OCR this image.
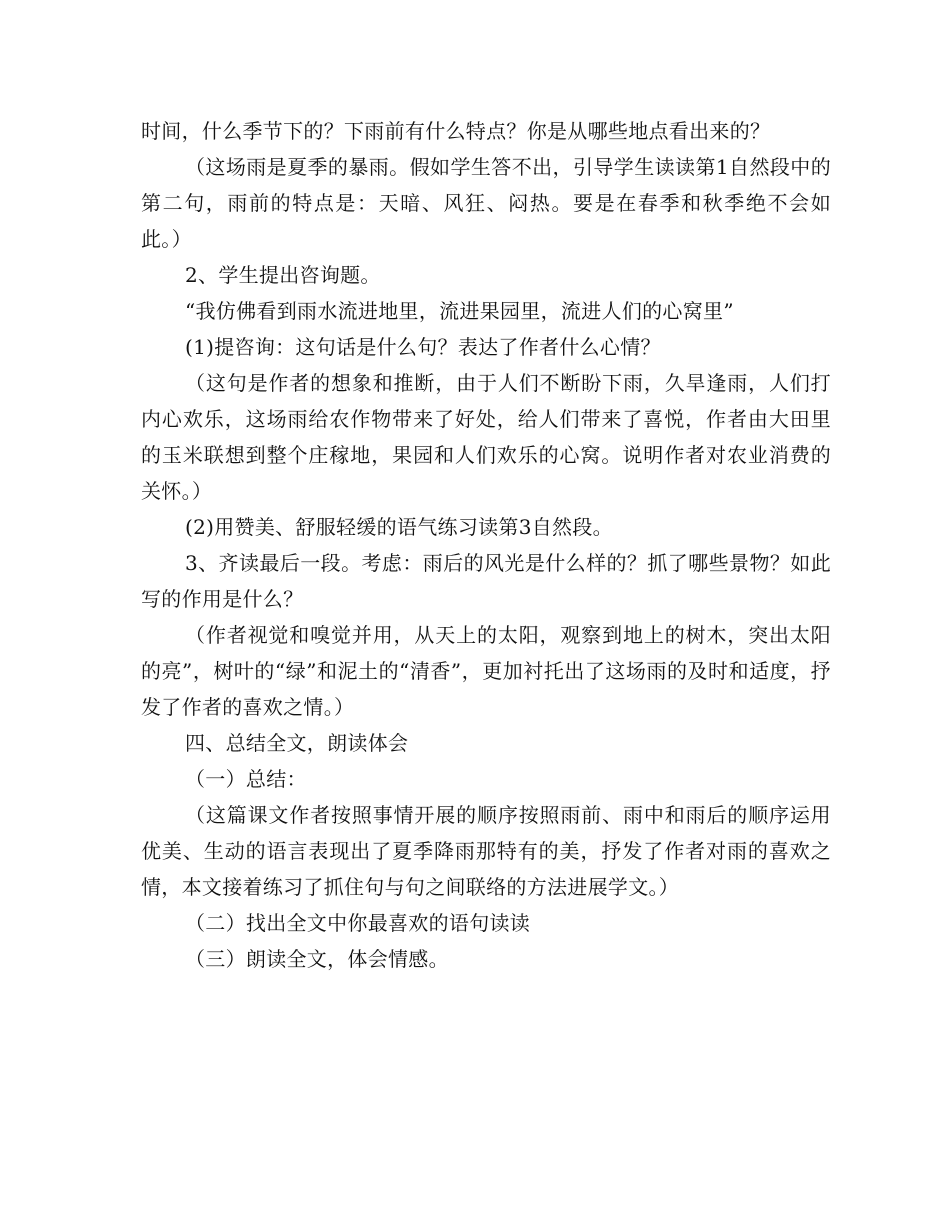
时间，什么季节下的？下雨前有什么特点？你是从哪些地点看出来的？

（这场雨是夏季的暴雨。假如学生答不出，引导学生读读第1自然段中的第二句，雨前的特点是：天暗、风狂、闷热。要是在春季和秋季绝不会如此。）

2、学生提出咨询题。

“我仿佛看到雨水流进地里，流进果园里，流进人们的心窝里”

(1)提咨询：这句话是什么句？表达了作者什么心情？

（这句是作者的想象和推断，由于人们不断盼下雨，久旱逢雨，人们打内心欢乐，这场雨给农作物带来了好处，给人们带来了喜悦，作者由大田里的玉米联想到整个庄稼地，果园和人们欢乐的心窝。说明作者对农业消费的关怀。）

(2)用赞美、舒服轻缓的语气练习读第3自然段。

3、齐读最后一段。考虑：雨后的风光是什么样的？抓了哪些景物？如此写的作用是什么？

（作者视觉和嗅觉并用，从天上的太阳，观察到地上的树木，突出太阳的亮”，树叶的“绿”和泥土的“清香”，更加衬托出了这场雨的及时和适度，抒发了作者的喜欢之情。）

四、总结全文，朗读体会

（一）总结：

（这篇课文作者按照事情开展的顺序按照雨前、雨中和雨后的顺序运用优美、生动的语言表现出了夏季降雨那特有的美，抒发了作者对雨的喜欢之情，本文接着练习了抓住句与句之间联络的方法进展学文。）

（二）找出全文中你最喜欢的语句读读

（三）朗读全文，体会情感。
